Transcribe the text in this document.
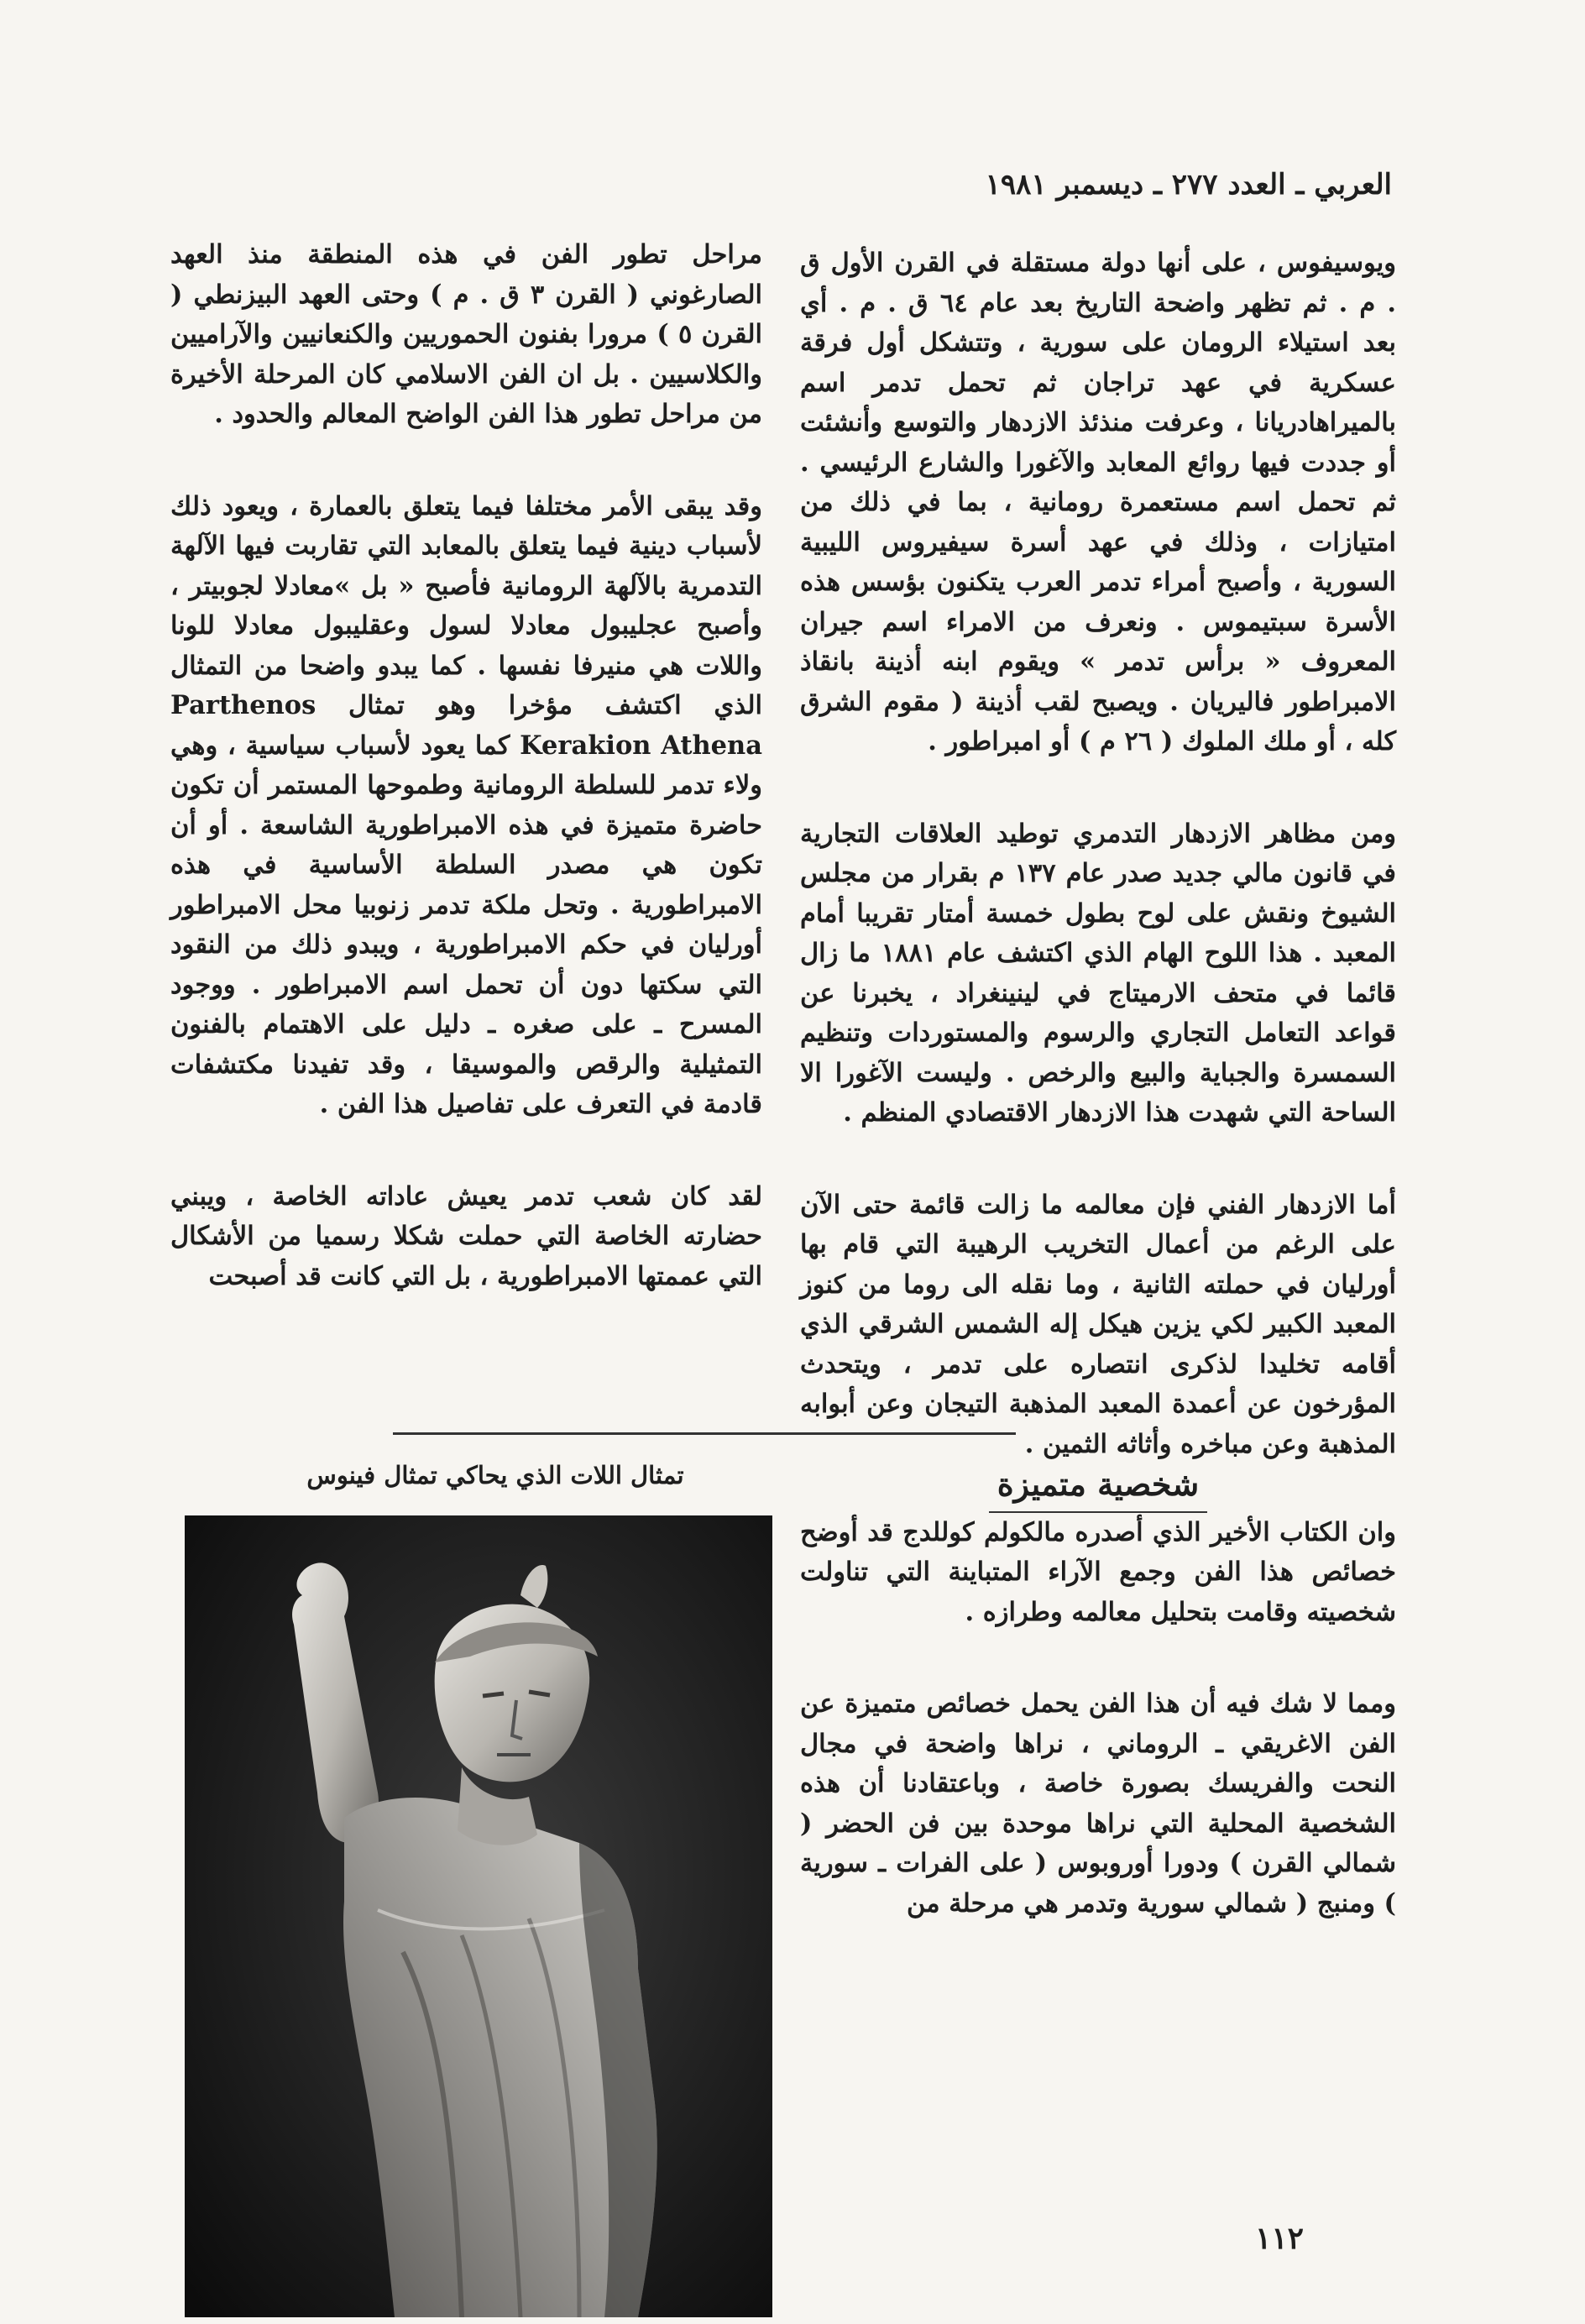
العربي ـ العدد ٢٧٧ ـ ديسمبر ١٩٨١

ويوسيفوس ، على أنها دولة مستقلة في القرن الأول ق . م . ثم تظهر واضحة التاريخ بعد عام ٦٤ ق . م . أي بعد استيلاء الرومان على سورية ، وتتشكل أول فرقة عسكرية في عهد تراجان ثم تحمل تدمر اسم بالميراهادريانا ، وعرفت منذئذ الازدهار والتوسع وأنشئت أو جددت فيها روائع المعابد والآغورا والشارع الرئيسي . ثم تحمل اسم مستعمرة رومانية ، بما في ذلك من امتيازات ، وذلك في عهد أسرة سيفيروس الليبية السورية ، وأصبح أمراء تدمر العرب يتكنون بؤسس هذه الأسرة سبتيموس . ونعرف من الامراء اسم جيران المعروف « برأس تدمر » ويقوم ابنه أذينة بانقاذ الامبراطور فاليريان . ويصبح لقب أذينة ( مقوم الشرق كله ، أو ملك الملوك ( ٢٦ م ) أو امبراطور .

ومن مظاهر الازدهار التدمري توطيد العلاقات التجارية في قانون مالي جديد صدر عام ١٣٧ م بقرار من مجلس الشيوخ ونقش على لوح بطول خمسة أمتار تقريبا أمام المعبد . هذا اللوح الهام الذي اكتشف عام ١٨٨١ ما زال قائما في متحف الارميتاج في لينينغراد ، يخبرنا عن قواعد التعامل التجاري والرسوم والمستوردات وتنظيم السمسرة والجباية والبيع والرخص . وليست الآغورا الا الساحة التي شهدت هذا الازدهار الاقتصادي المنظم .

أما الازدهار الفني فإن معالمه ما زالت قائمة حتى الآن على الرغم من أعمال التخريب الرهيبة التي قام بها أورليان في حملته الثانية ، وما نقله الى روما من كنوز المعبد الكبير لكي يزين هيكل إله الشمس الشرقي الذي أقامه تخليدا لذكرى انتصاره على تدمر ، ويتحدث المؤرخون عن أعمدة المعبد المذهبة التيجان وعن أبوابه المذهبة وعن مباخره وأثاثه الثمين .

شخصية متميزة

وان الكتاب الأخير الذي أصدره مالكولم كوللدج قد أوضح خصائص هذا الفن وجمع الآراء المتباينة التي تناولت شخصيته وقامت بتحليل معالمه وطرازه .

ومما لا شك فيه أن هذا الفن يحمل خصائص متميزة عن الفن الاغريقي ـ الروماني ، نراها واضحة في مجال النحت والفريسك بصورة خاصة ، وباعتقادنا أن هذه الشخصية المحلية التي نراها موحدة بين فن الحضر ( شمالي القرن ) ودورا أوروبوس ( على الفرات ـ سورية ) ومنبج ( شمالي سورية وتدمر هي مرحلة من

مراحل تطور الفن في هذه المنطقة منذ العهد الصارغوني ( القرن ٣ ق . م ) وحتى العهد البيزنطي ( القرن ٥ ) مرورا بفنون الحموريين والكنعانيين والآراميين والكلاسيين . بل ان الفن الاسلامي كان المرحلة الأخيرة من مراحل تطور هذا الفن الواضح المعالم والحدود .

وقد يبقى الأمر مختلفا فيما يتعلق بالعمارة ، ويعود ذلك لأسباب دينية فيما يتعلق بالمعابد التي تقاربت فيها الآلهة التدمرية بالآلهة الرومانية فأصبح « بل »معادلا لجوبيتر ، وأصبح عجليبول معادلا لسول وعقليبول معادلا للونا واللات هي منيرفا نفسها . كما يبدو واضحا من التمثال الذي اكتشف مؤخرا وهو تمثال Parthenos Kerakion Athena كما يعود لأسباب سياسية ، وهي ولاء تدمر للسلطة الرومانية وطموحها المستمر أن تكون حاضرة متميزة في هذه الامبراطورية الشاسعة . أو أن تكون هي مصدر السلطة الأساسية في هذه الامبراطورية . وتحل ملكة تدمر زنوبيا محل الامبراطور أورليان في حكم الامبراطورية ، ويبدو ذلك من النقود التي سكتها دون أن تحمل اسم الامبراطور . ووجود المسرح ـ على صغره ـ دليل على الاهتمام بالفنون التمثيلية والرقص والموسيقا ، وقد تفيدنا مكتشفات قادمة في التعرف على تفاصيل هذا الفن .

لقد كان شعب تدمر يعيش عاداته الخاصة ، ويبني حضارته الخاصة التي حملت شكلا رسميا من الأشكال التي عممتها الامبراطورية ، بل التي كانت قد أصبحت

تمثال اللات الذي يحاكي تمثال فينوس
١١٢
